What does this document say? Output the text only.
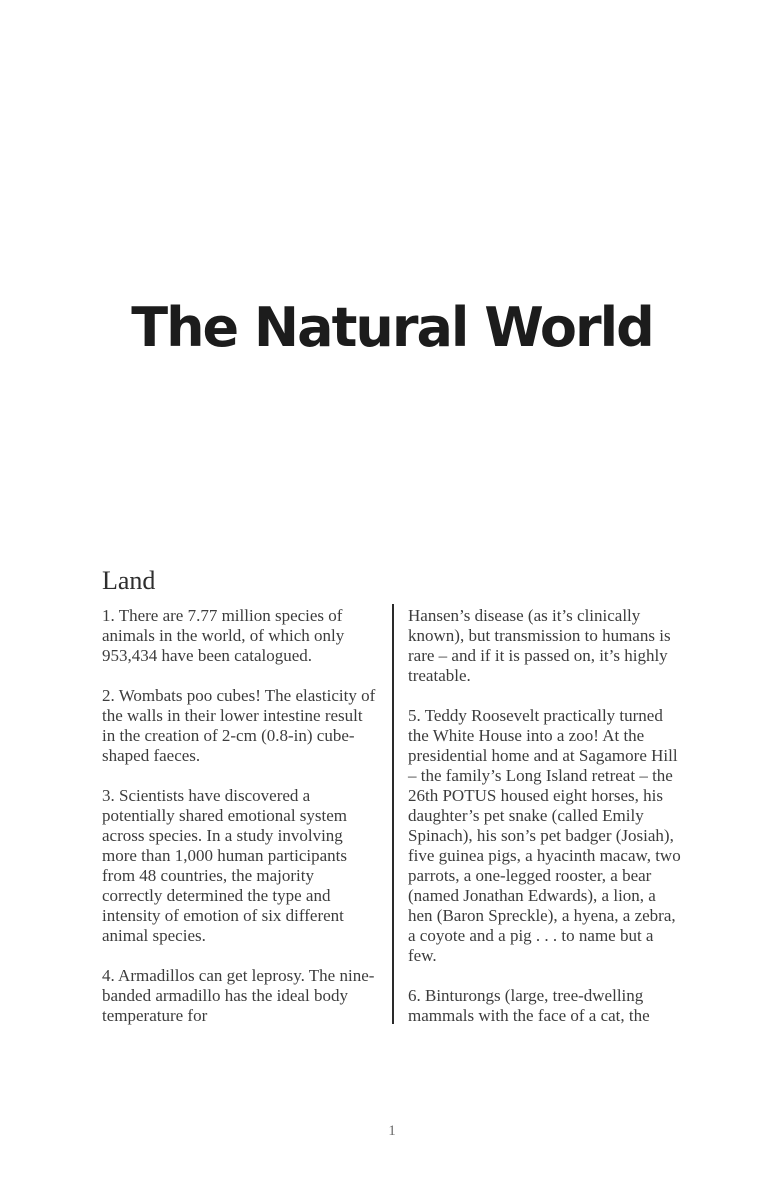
The Natural World
Land

1. There are 7.77 million species of animals in the world, of which only 953,434 have been catalogued.

2. Wombats poo cubes! The elasticity of the walls in their lower intestine result in the creation of 2-cm (0.8-in) cube-shaped faeces.

3. Scientists have discovered a potentially shared emotional system across species. In a study involving more than 1,000 human participants from 48 countries, the majority correctly determined the type and intensity of emotion of six different animal species.

4. Armadillos can get leprosy. The nine-banded armadillo has the ideal body temperature for

Hansen’s disease (as it’s clinically known), but transmission to humans is rare – and if it is passed on, it’s highly treatable.

5. Teddy Roosevelt practically turned the White House into a zoo! At the presidential home and at Sagamore Hill – the family’s Long Island retreat – the 26th POTUS housed eight horses, his daughter’s pet snake (called Emily Spinach), his son’s pet badger (Josiah), five guinea pigs, a hyacinth macaw, two parrots, a one-legged rooster, a bear (named Jonathan Edwards), a lion, a hen (Baron Spreckle), a hyena, a zebra, a coyote and a pig . . . to name but a few.

6. Binturongs (large, tree-dwelling mammals with the face of a cat, the

1
